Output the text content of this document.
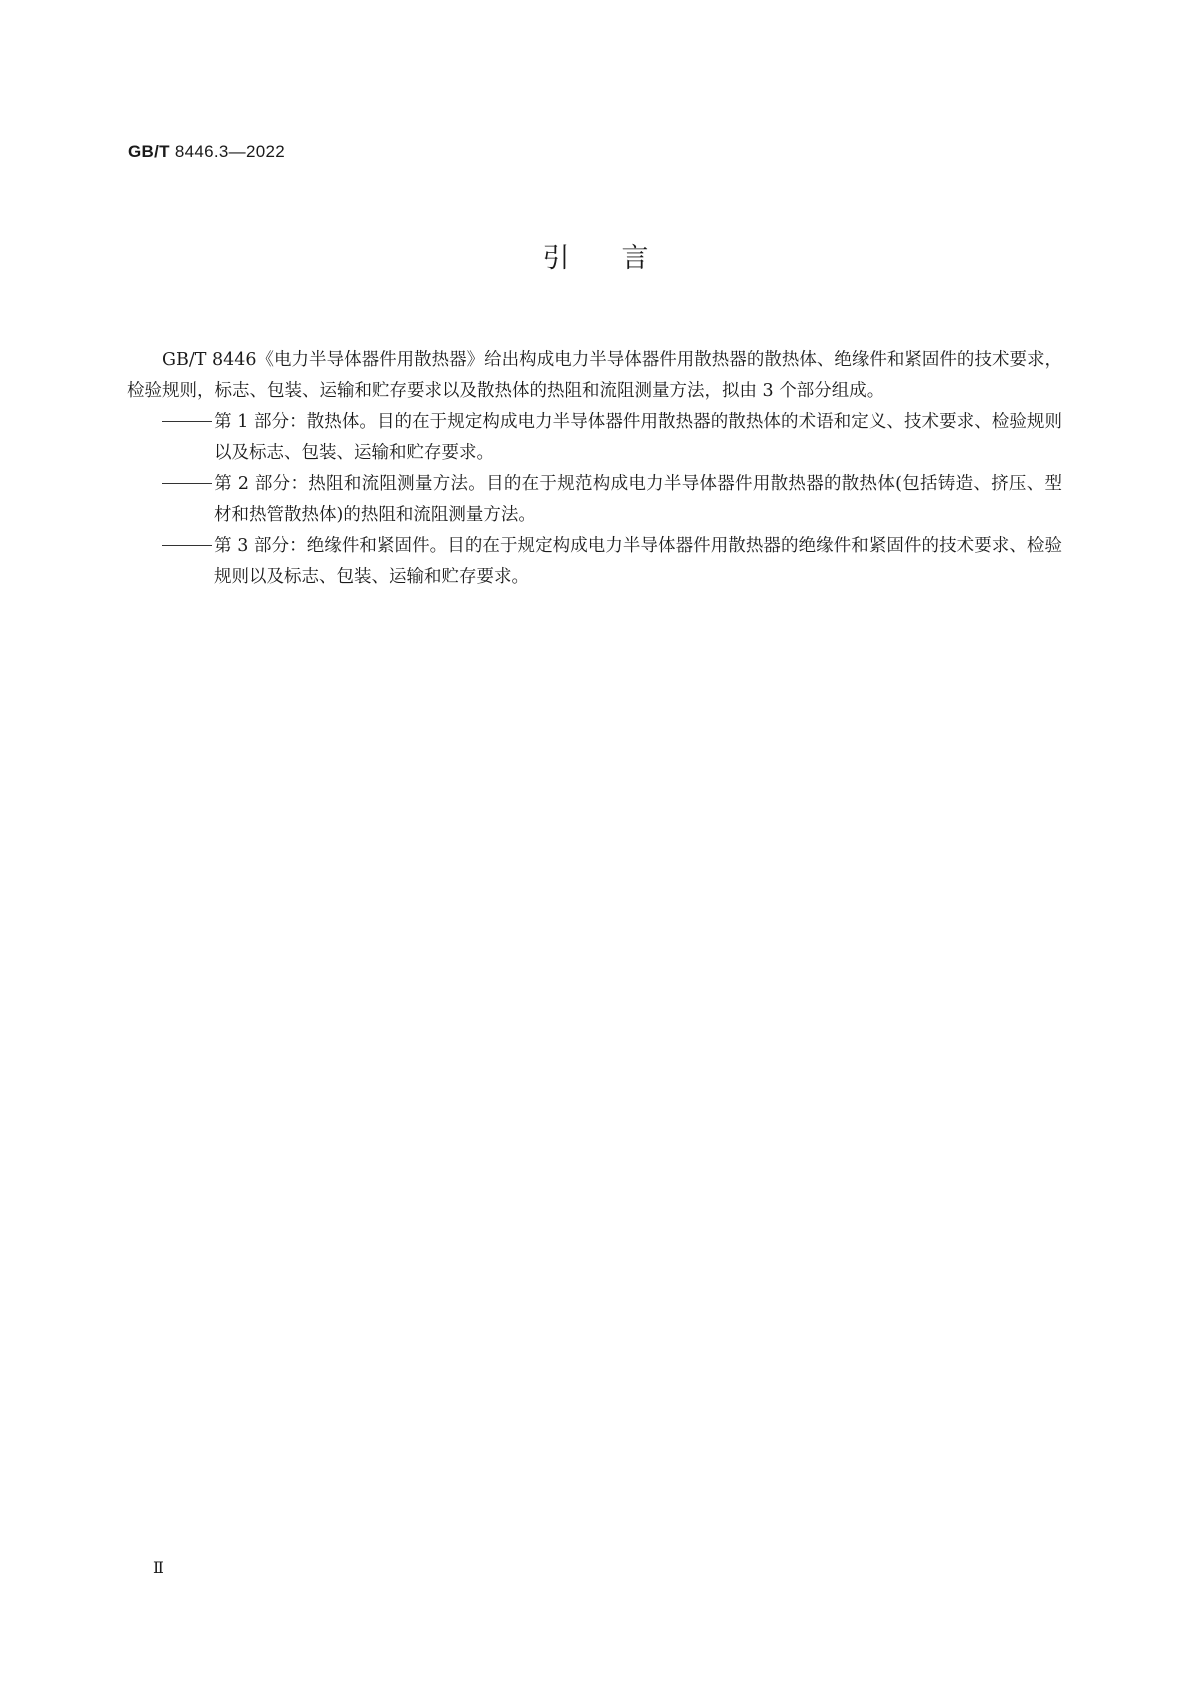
GB/T 8446.3—2022
引言

GB/T 8446《电力半导体器件用散热器》给出构成电力半导体器件用散热器的散热体、绝缘件和紧固件的技术要求，检验规则，标志、包装、运输和贮存要求以及散热体的热阻和流阻测量方法，拟由 3 个部分组成。

第 1 部分：散热体。目的在于规定构成电力半导体器件用散热器的散热体的术语和定义、技术要求、检验规则以及标志、包装、运输和贮存要求。

第 2 部分：热阻和流阻测量方法。目的在于规范构成电力半导体器件用散热器的散热体(包括铸造、挤压、型材和热管散热体)的热阻和流阻测量方法。

第 3 部分：绝缘件和紧固件。目的在于规定构成电力半导体器件用散热器的绝缘件和紧固件的技术要求、检验规则以及标志、包装、运输和贮存要求。

Ⅱ
